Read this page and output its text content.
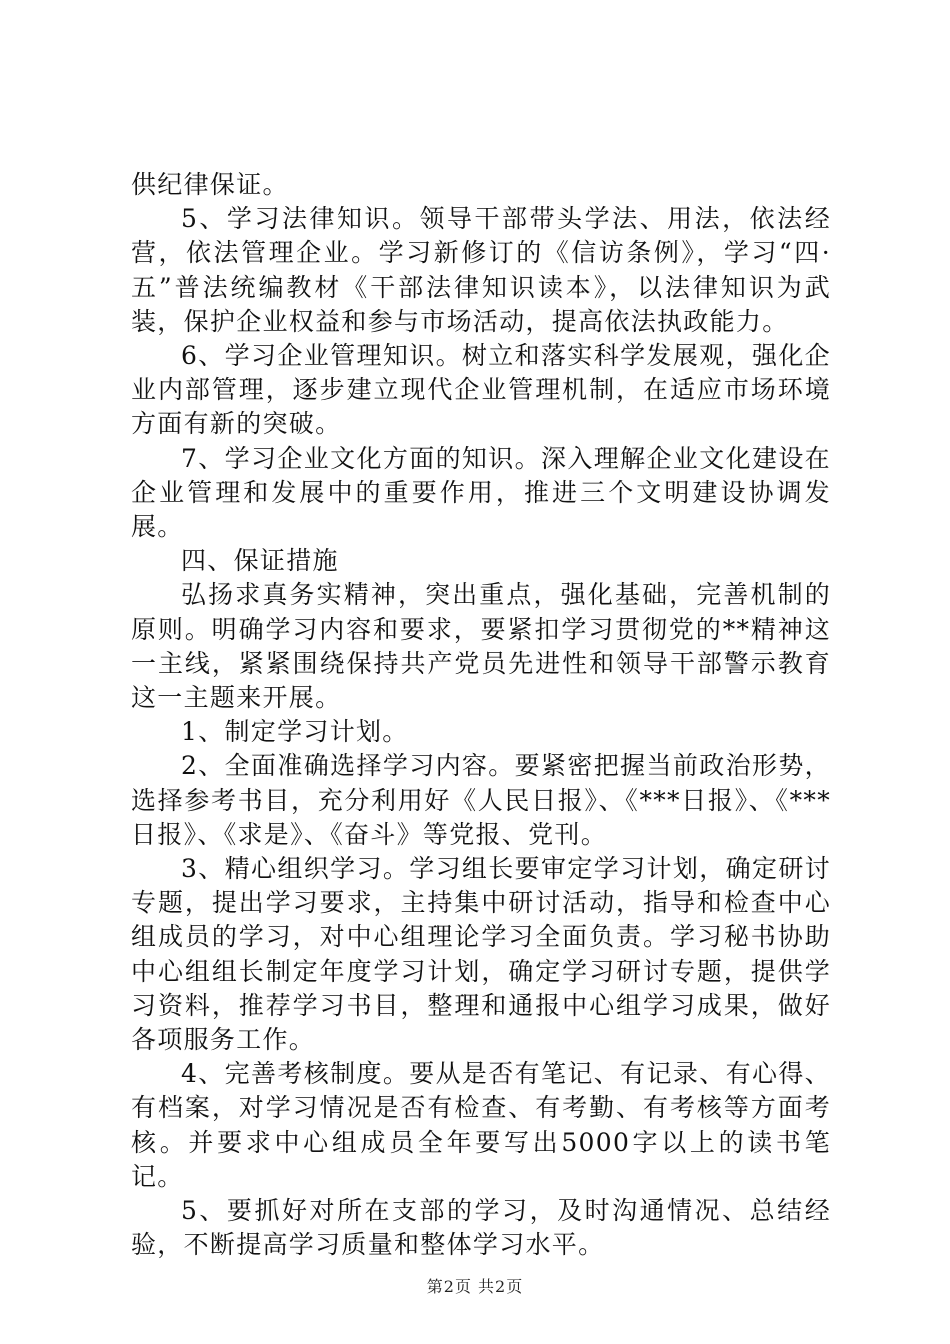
供纪律保证。

5、学习法律知识。领导干部带头学法、用法，依法经营，依法管理企业。学习新修订的《信访条例》，学习“四·五”普法统编教材《干部法律知识读本》，以法律知识为武装，保护企业权益和参与市场活动，提高依法执政能力。

6、学习企业管理知识。树立和落实科学发展观，强化企业内部管理，逐步建立现代企业管理机制，在适应市场环境方面有新的突破。

7、学习企业文化方面的知识。深入理解企业文化建设在企业管理和发展中的重要作用，推进三个文明建设协调发展。

四、保证措施

弘扬求真务实精神，突出重点，强化基础，完善机制的原则。明确学习内容和要求，要紧扣学习贯彻党的**精神这一主线，紧紧围绕保持共产党员先进性和领导干部警示教育这一主题来开展。

1、制定学习计划。

2、全面准确选择学习内容。要紧密把握当前政治形势，选择参考书目，充分利用好《人民日报》、《***日报》、《***日报》、《求是》、《奋斗》等党报、党刊。

3、精心组织学习。学习组长要审定学习计划，确定研讨专题，提出学习要求，主持集中研讨活动，指导和检查中心组成员的学习，对中心组理论学习全面负责。学习秘书协助中心组组长制定年度学习计划，确定学习研讨专题，提供学习资料，推荐学习书目，整理和通报中心组学习成果，做好各项服务工作。

4、完善考核制度。要从是否有笔记、有记录、有心得、有档案，对学习情况是否有检查、有考勤、有考核等方面考核。并要求中心组成员全年要写出5000字以上的读书笔记。

5、要抓好对所在支部的学习，及时沟通情况、总结经验，不断提高学习质量和整体学习水平。

第2页 共2页
